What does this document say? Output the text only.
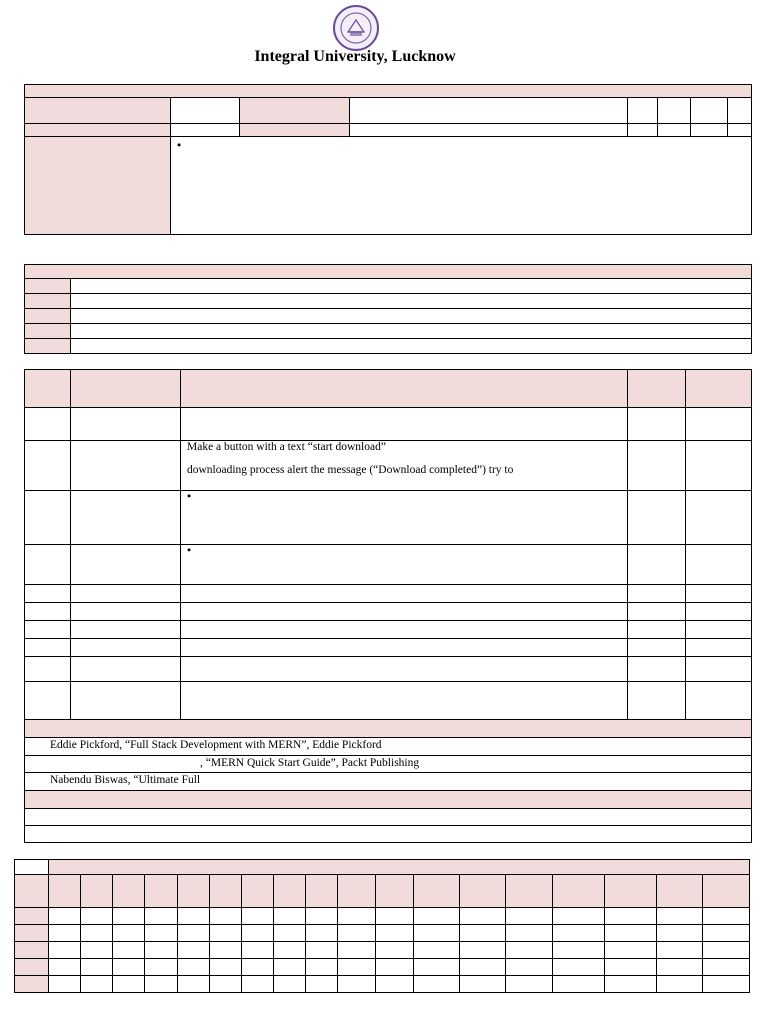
Integral University, Lucknow

		Make a button with a text “start download”
downloading process alert the message (“Download completed”) try to		

Eddie Pickford, “Full Stack Development with MERN”, Eddie Pickford				

, “MERN Quick Start Guide”, Packt Publishing				

Nabendu Biswas, “Ultimate Full				
